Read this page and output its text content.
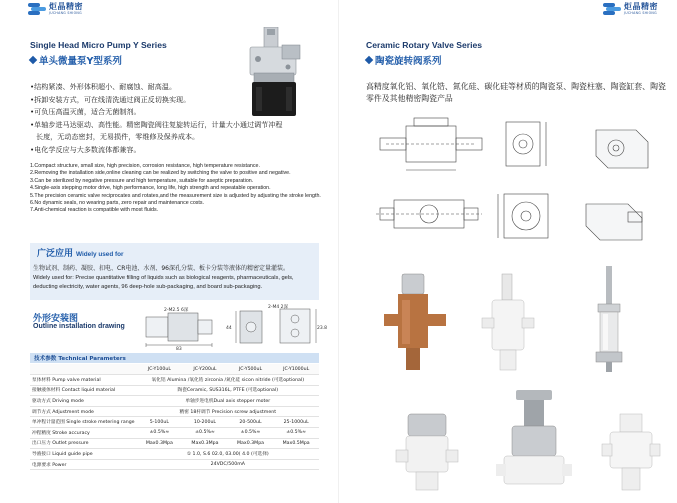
炬晶精密
JUCHANG SHIONG
炬晶精密
JUCHANG SHIONG
Single Head Micro Pump Y Series
单头微量泵Y型系列
•结构紧凑、外形体积超小、耐腐蚀、耐高温。
•拆卸安装方式，可在线清洗通过阀正反切换实现。
•可负压高温灭菌，适合无菌制剂。
•单轴步进马达驱动、高性能。精密陶瓷阀往复旋转运行，计量大小通过调节冲程
长度，无动态密封，无易损件，零维修及保养成本。
•电化学反应与大多数流体都兼容。
1.Compact structure, small size, high precision, corrosion resistance, high temperature resistance.
2.Removing the installation side,online cleaning can be realized by switching the valve to positive and negative.
3.Can be sterilized by negative pressure and high temperature, suitable for aseptic preparation.
4.Single-axis stepping motor drive, high performance, long life, high strength and repeatable operation.
5.The precision ceramic valve reciprocates and rotates,and the measurement size is adjusted by adjusting the stroke length.
6.No dynamic seals, no wearing parts, zero repair and maintenance costs.
7.Anti-chemical reaction is compatible with most fluids.
广泛应用 Widely used for
生物试剂、制药、凝胶、扣电、CR电池、水剂、96深孔分装、板卡分装等液体的精密定量灌装。
Widely used for: Precise quantitative filling of liquids such as biological reagents, pharmaceuticals, gels, deducting electricity, water agents, 96 deep-hole sub-packaging, and board sub-packaging.
外形安装图
Outline installation drawing
2-M2.5 6深
83
44
2-M4 2深
23.8
技术参数 Technical Parameters
	JC-Y100uL	JC-Y200uL	JC-Y500uL	JC-Y1000uL
泵体材料 Pump valve material	氧化铝 Alumina /氧化锆 zirconia /氮化硅 sicon nitride (可选optional)			
接触液体材料 Contact liquid material	陶瓷Ceramic, SUS316L, PTFE (可选optional)			
驱动方式 Driving mode	单轴步进电机Dual axis stepper moter			
调节方式 Adjustment mode	精密 18杆调节 Precision screw adjustment			
单冲程计量范围 Single stroke metering range	5-100uL	10-200uL	20-500uL	25-1000uL
冲程精度 Stroke accuracy	±0.5%≈	±0.5%≈	±0.5%≈	±0.5%≈
出口压力 Outlet pressure	Max0.3Mpa	Max0.3Mpa	Max0.3Mpa	Max0.5Mpa
导液接口 Liquid guide pipe	① 1.0, S.6 02.0, 03.00( 4.0 (可选择)			
电源要求 Power	24VDC/500mA			
Ceramic Rotary Valve Series
陶瓷旋转阀系列
高精度氧化铝、氧化锆、氮化硅、碳化硅等材质的陶瓷泵、陶瓷柱塞、陶瓷缸套、陶瓷零件及其他精密陶瓷产品
